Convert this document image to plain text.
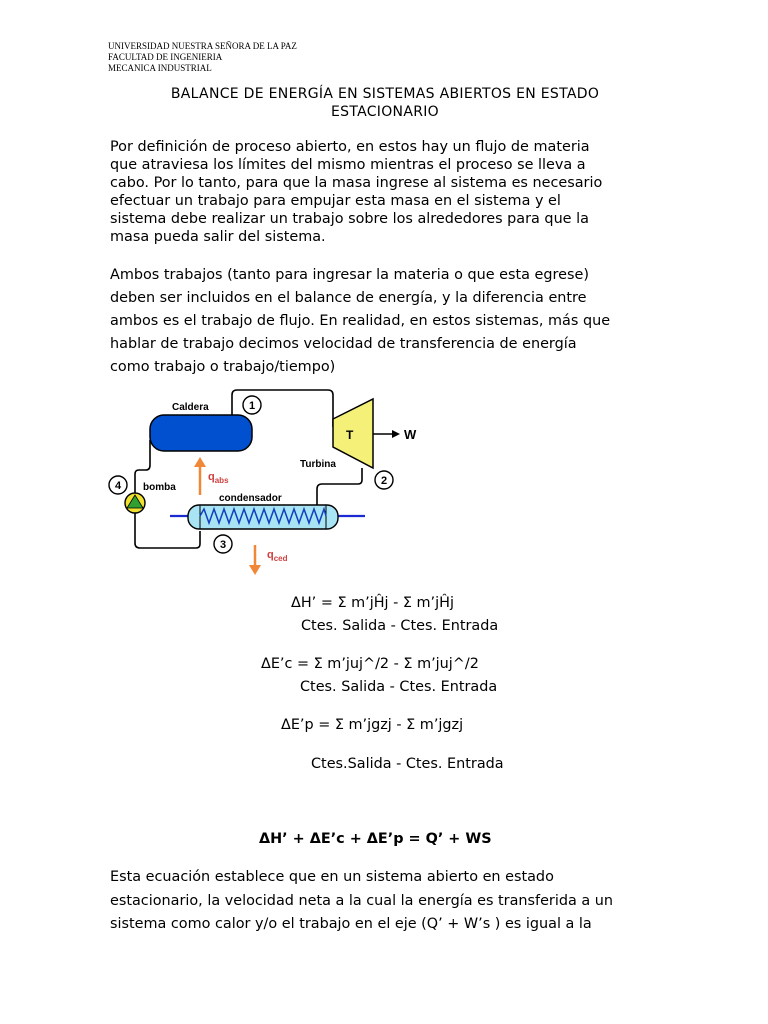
UNIVERSIDAD NUESTRA SEÑORA DE LA PAZ
FACULTAD DE INGENIERIA
MECANICA INDUSTRIAL
BALANCE DE ENERGÍA EN SISTEMAS ABIERTOS EN ESTADO
ESTACIONARIO

Por definición de proceso abierto, en estos hay un flujo de materia
que atraviesa los límites del mismo mientras el proceso se lleva a
cabo. Por lo tanto, para que la masa ingrese al sistema es necesario
efectuar un trabajo para empujar esta masa en el sistema y el
sistema debe realizar un trabajo sobre los alrededores para que la
masa pueda salir del sistema.

Ambos trabajos (tanto para ingresar la materia o que esta egrese)
deben ser incluidos en el balance de energía, y la diferencia entre
ambos es el trabajo de flujo. En realidad, en estos sistemas, más que
hablar de trabajo decimos velocidad de transferencia de energía
como trabajo o trabajo/tiempo)

Caldera
T
Turbina
W
1
2
3
4 bomba
condensador
$q_{abs}$
$q_{ced}$
ΔH’ = Σ m’jĤj - Σ m’jĤj
Ctes. Salida - Ctes. Entrada
ΔE’c = Σ m’juj^/2 - Σ m’juj^/2
Ctes. Salida - Ctes. Entrada
ΔE’p = Σ m’jgzj - Σ m’jgzj
Ctes.Salida - Ctes. Entrada
ΔH’ + ΔE’c + ΔE’p = Q’ + WS

Esta ecuación establece que en un sistema abierto en estado
estacionario, la velocidad neta a la cual la energía es transferida a un
sistema como calor y/o el trabajo en el eje (Q’ + W’s ) es igual a la
